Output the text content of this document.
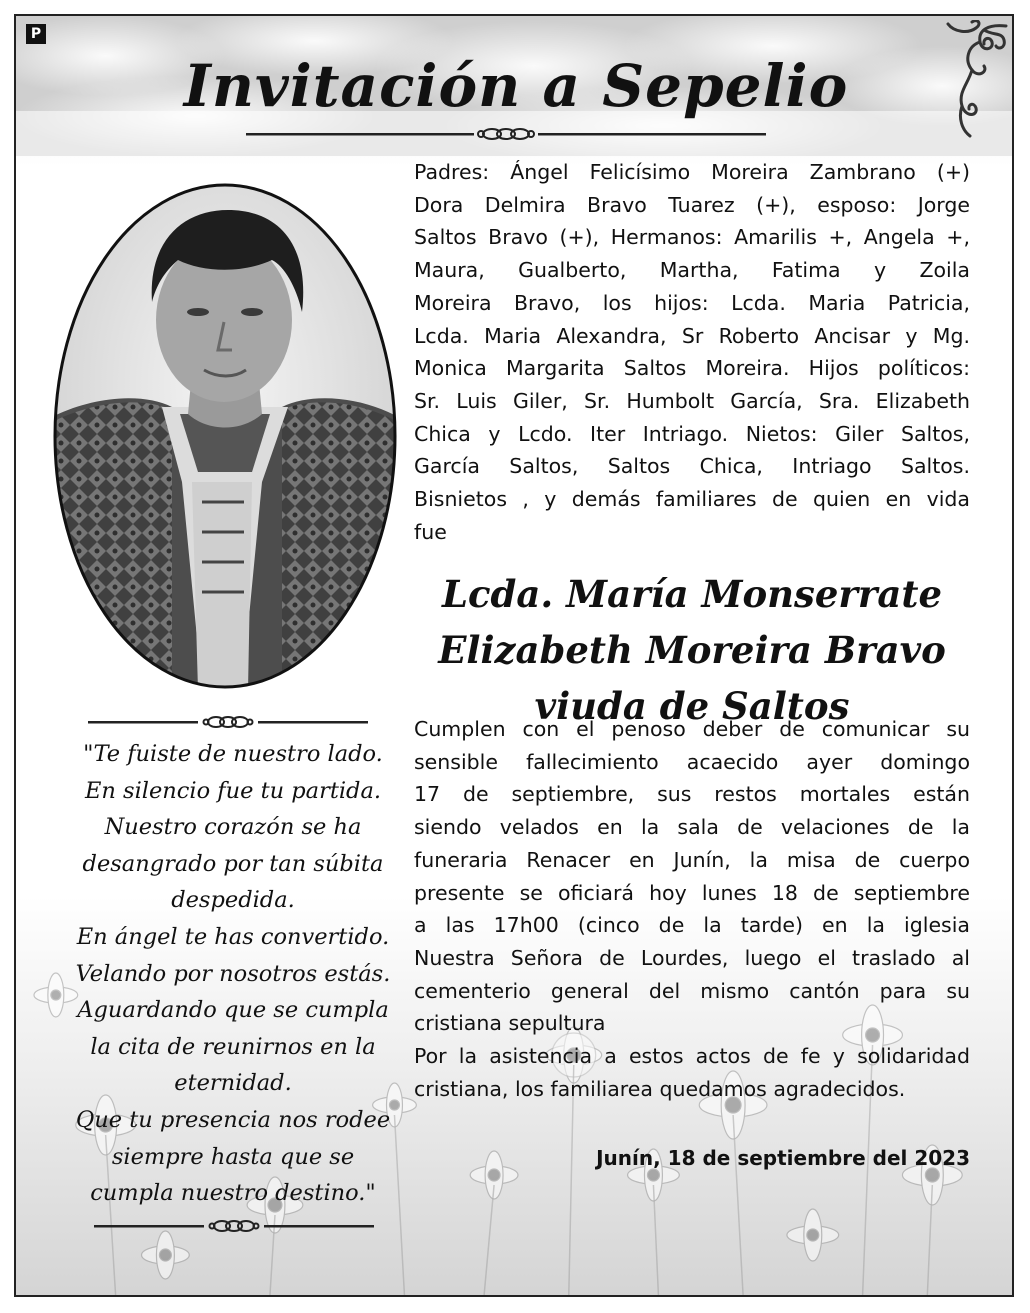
P
Invitación a Sepelio
"Te fuiste de nuestro lado.
En silencio fue tu partida.
Nuestro corazón se ha
desangrado por tan súbita
despedida.
En ángel te has convertido.
Velando por nosotros estás.
Aguardando que se cumpla
la cita de reunirnos en la
eternidad.
Que tu presencia nos rodee
siempre hasta que se
cumpla nuestro destino."
Padres: Ángel Felicísimo Moreira Zambrano (+)
Dora Delmira Bravo Tuarez (+), esposo: Jorge
Saltos Bravo (+), Hermanos: Amarilis +, Angela +,
Maura, Gualberto, Martha, Fatima y Zoila
Moreira Bravo, los hijos: Lcda. Maria Patricia,
Lcda. Maria Alexandra, Sr Roberto Ancisar y Mg.
Monica Margarita Saltos Moreira. Hijos políticos:
Sr. Luis Giler, Sr. Humbolt García, Sra. Elizabeth
Chica y Lcdo. Iter Intriago. Nietos: Giler Saltos,
García Saltos, Saltos Chica, Intriago Saltos.
Bisnietos , y demás familiares de quien en vida
fue
Lcda. María Monserrate
Elizabeth Moreira Bravo
viuda de Saltos
Cumplen con el penoso deber de comunicar su
sensible fallecimiento acaecido ayer domingo
17 de septiembre, sus restos mortales están
siendo velados en la sala de velaciones de la
funeraria Renacer en Junín, la misa de cuerpo
presente se oficiará hoy lunes 18 de septiembre
a las 17h00 (cinco de la tarde) en la iglesia
Nuestra Señora de Lourdes, luego el traslado al
cementerio general del mismo cantón para su
cristiana sepultura
Por la asistencia a estos actos de fe y solidaridad
cristiana, los familiarea quedamos agradecidos.
Junín, 18 de septiembre del 2023
